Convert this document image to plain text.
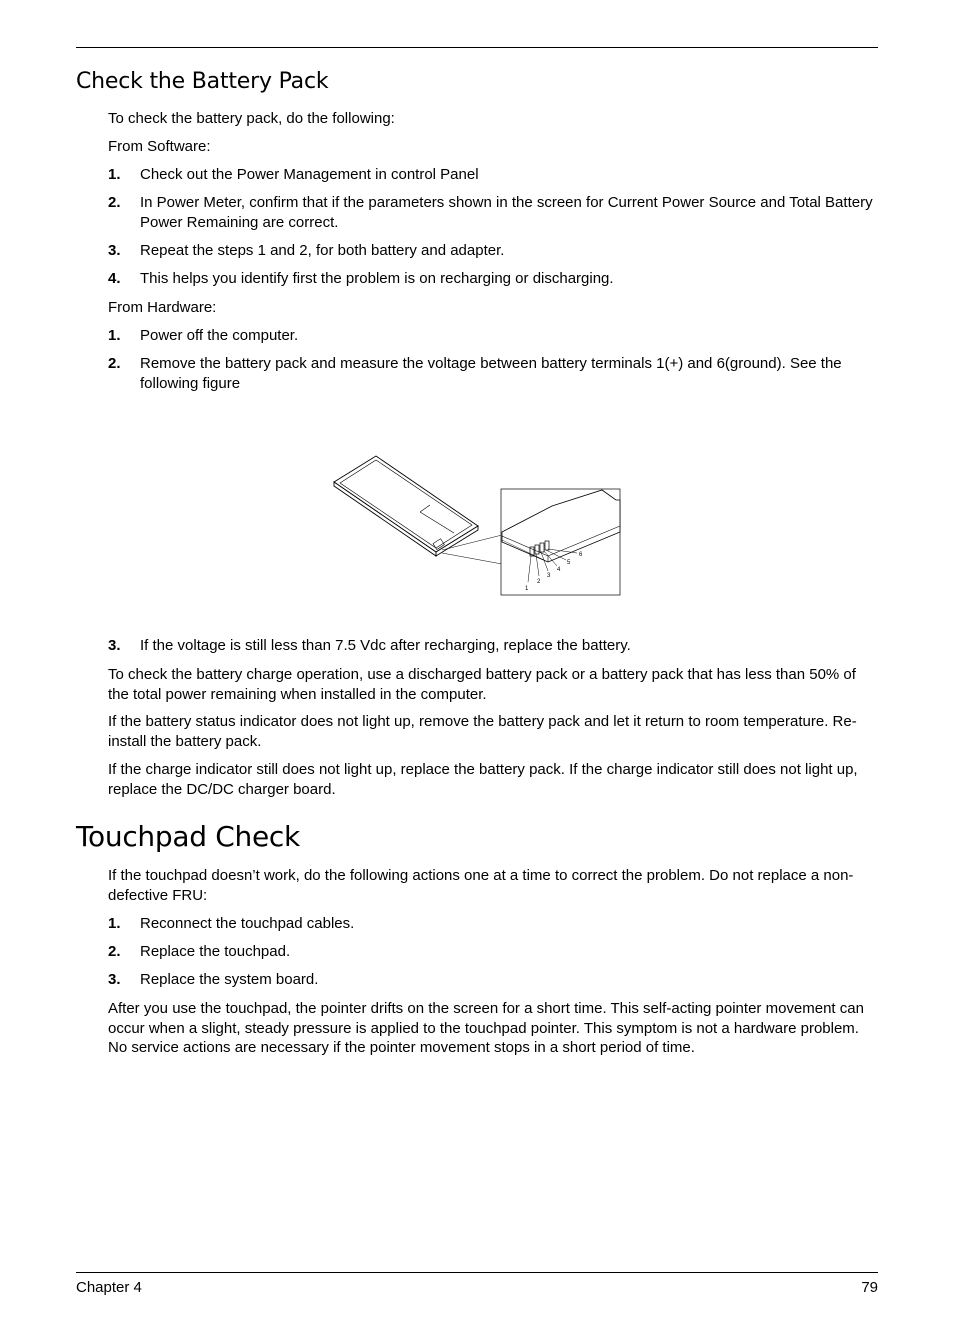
Check the Battery Pack

To check the battery pack, do the following:

From Software:

1. Check out the Power Management in control Panel
2. In Power Meter, confirm that if the parameters shown in the screen for Current Power Source and Total Battery Power Remaining are correct.
3. Repeat the steps 1 and 2, for both battery and adapter.
4. This helps you identify first the problem is on recharging or discharging.

From Hardware:

1. Power off the computer.
2. Remove the battery pack and measure the voltage between battery terminals 1(+) and 6(ground). See the following figure
1
2
3
4
5
6
3. If the voltage is still less than 7.5 Vdc after recharging, replace the battery.

To check the battery charge operation, use a discharged battery pack or a battery pack that has less than 50% of the total power remaining when installed in the computer.

If the battery status indicator does not light up, remove the battery pack and let it return to room temperature. Re-install the battery pack.

If the charge indicator still does not light up, replace the battery pack. If the charge indicator still does not light up, replace the DC/DC charger board.

Touchpad Check

If the touchpad doesn’t work, do the following actions one at a time to correct the problem. Do not replace a non-defective FRU:

1. Reconnect the touchpad cables.
2. Replace the touchpad.
3. Replace the system board.

After you use the touchpad, the pointer drifts on the screen for a short time. This self-acting pointer movement can occur when a slight, steady pressure is applied to the touchpad pointer. This symptom is not a hardware problem. No service actions are necessary if the pointer movement stops in a short period of time.

Chapter 4	79
